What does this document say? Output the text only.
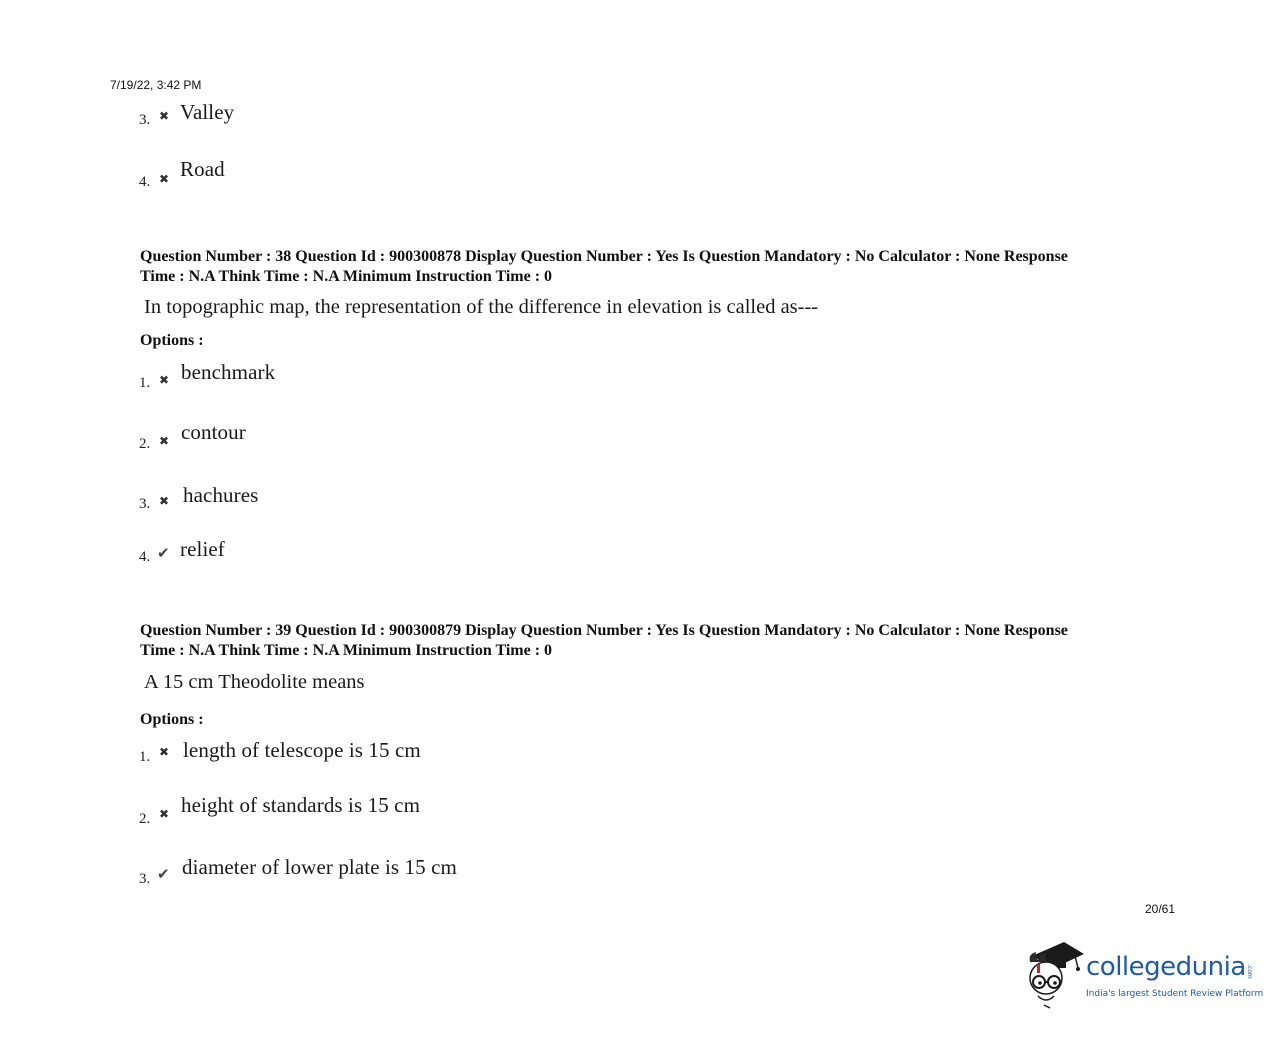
7/19/22, 3:42 PM
3. ✖ Valley
4. ✖ Road
Question Number : 38 Question Id : 900300878 Display Question Number : Yes Is Question Mandatory : No Calculator : None Response
Time : N.A Think Time : N.A Minimum Instruction Time : 0
In topographic map, the representation of the difference in elevation is called as---
Options :
1. ✖ benchmark
2. ✖ contour
3. ✖ hachures
4. ✔ relief
Question Number : 39 Question Id : 900300879 Display Question Number : Yes Is Question Mandatory : No Calculator : None Response
Time : N.A Think Time : N.A Minimum Instruction Time : 0
A 15 cm Theodolite means
Options :
1. ✖ length of telescope is 15 cm
2. ✖ height of standards is 15 cm
3. ✔ diameter of lower plate is 15 cm
20/61
collegedunia .com
India's largest Student Review Platform
